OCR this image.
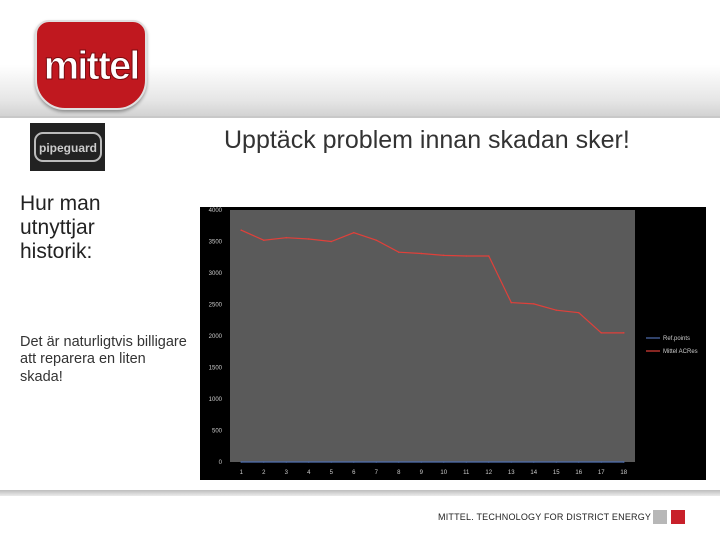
mittel
pipeguard	Upptäck problem innan skadan sker!
Hur man utnyttjar historik:
Det är naturligtvis billigare att reparera en liten skada!
4000
3500
3000
2500
2000
1500
1000
500
0
1	2	3	4	5	6	7	8	9	10	11	12	13	14	15	16	17	18
Ref.points
Mittel ACRes
MITTEL. TECHNOLOGY FOR DISTRICT ENERGY
